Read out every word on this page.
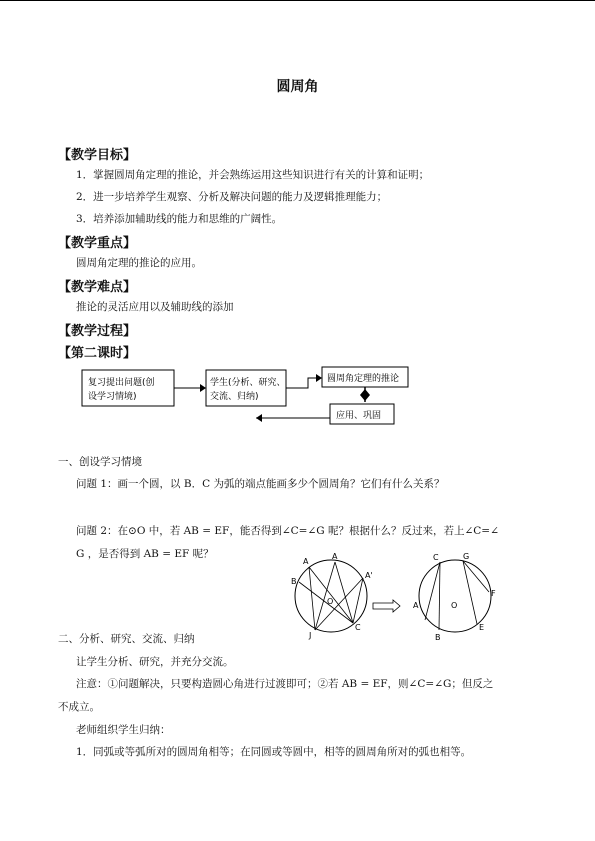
圆周角
【教学目标】
1．掌握圆周角定理的推论，并会熟练运用这些知识进行有关的计算和证明；
2．进一步培养学生观察、分析及解决问题的能力及逻辑推理能力；
3．培养添加辅助线的能力和思维的广阔性。
【教学重点】
圆周角定理的推论的应用。
【教学难点】
推论的灵活应用以及辅助线的添加
【教学过程】
【第二课时】
复习提出问题(创
设学习情境)
学生(分析、研究、
交流、归纳)
圆周角定理的推论
应用、巩固
一、创设学习情境
问题 1：画一个圆，以 B．C 为弧的端点能画多少个圆周角？它们有什么关系？
问题 2：在⊙O 中，若 AB = EF，能否得到∠C=∠G 呢？根据什么？反过来，若上∠C=∠
G ，是否得到 AB = EF 呢？
A
A'
A
B
C
O
J
C	G
A	O
F
B
E
二、分析、研究、交流、归纳
让学生分析、研究，并充分交流。
注意：①问题解决，只要构造圆心角进行过渡即可；②若 AB = EF，则∠C=∠G；但反之
不成立。
老师组织学生归纳：
1．同弧或等弧所对的圆周角相等；在同圆或等圆中，相等的圆周角所对的弧也相等。
